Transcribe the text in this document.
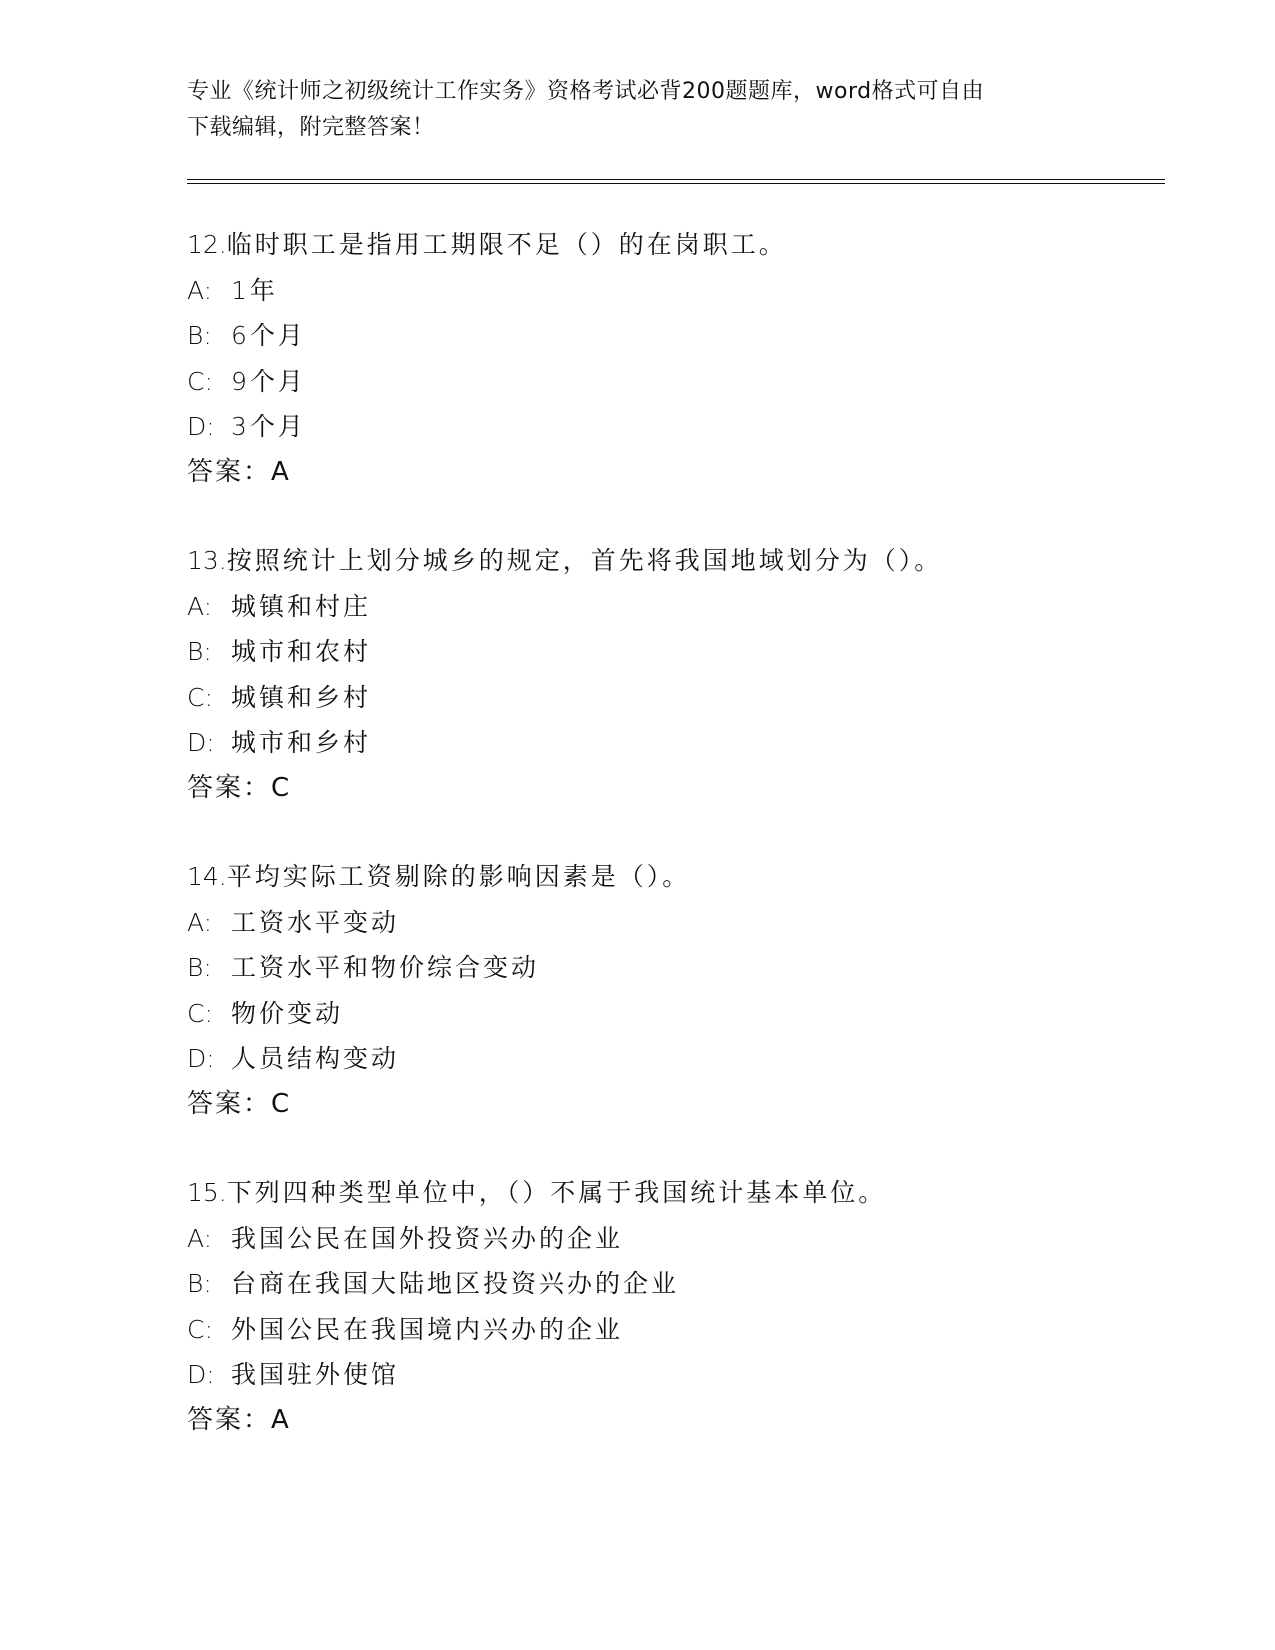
专业《统计师之初级统计工作实务》资格考试必背200题题库，word格式可自由
下载编辑，附完整答案！

12.临时职工是指用工期限不足（）的在岗职工。

A: 1年

B: 6个月

C: 9个月

D: 3个月

答案：A

13.按照统计上划分城乡的规定，首先将我国地域划分为（）。

A: 城镇和村庄

B: 城市和农村

C: 城镇和乡村

D: 城市和乡村

答案：C

14.平均实际工资剔除的影响因素是（）。

A: 工资水平变动

B: 工资水平和物价综合变动

C: 物价变动

D: 人员结构变动

答案：C

15.下列四种类型单位中，（）不属于我国统计基本单位。

A: 我国公民在国外投资兴办的企业

B: 台商在我国大陆地区投资兴办的企业

C: 外国公民在我国境内兴办的企业

D: 我国驻外使馆

答案：A
